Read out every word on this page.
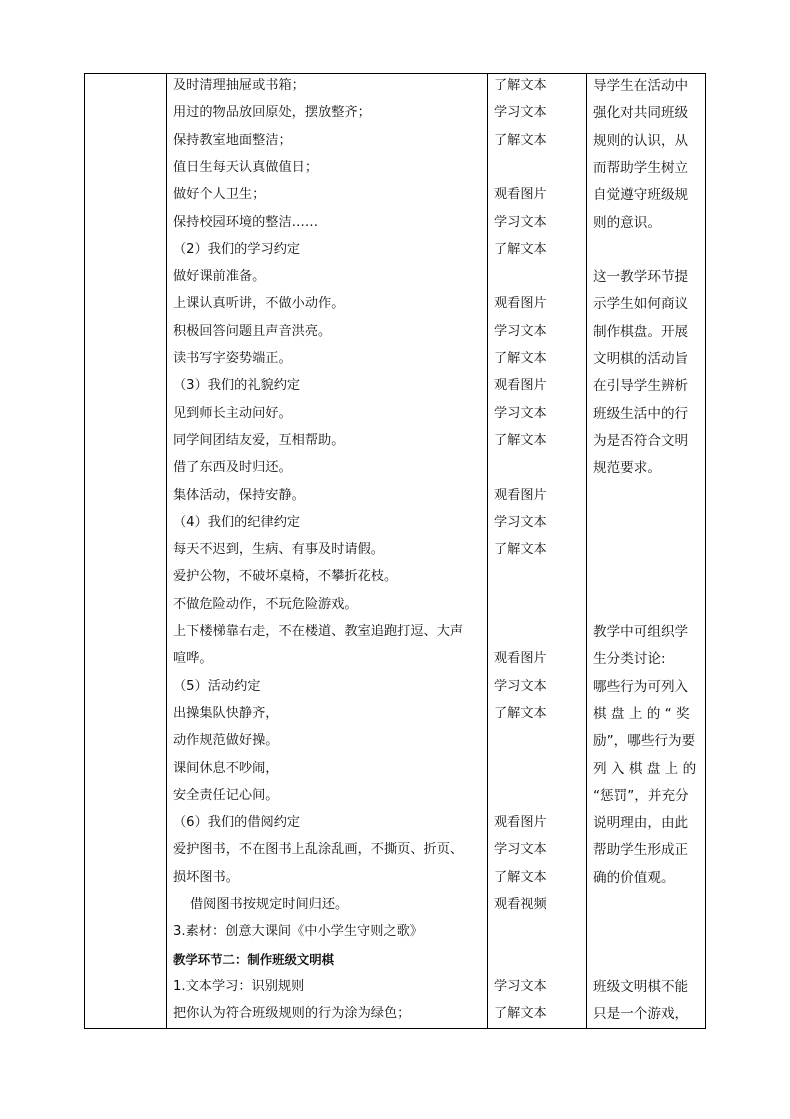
及时清理抽屉或书箱；
用过的物品放回原处，摆放整齐；
保持教室地面整洁；
值日生每天认真做值日；
做好个人卫生；
保持校园环境的整洁……
（2）我们的学习约定
做好课前准备。
上课认真听讲，不做小动作。
积极回答问题且声音洪亮。
读书写字姿势端正。
（3）我们的礼貌约定
见到师长主动问好。
同学间团结友爱，互相帮助。
借了东西及时归还。
集体活动，保持安静。
（4）我们的纪律约定
每天不迟到，生病、有事及时请假。
爱护公物，不破坏桌椅，不攀折花枝。
不做危险动作，不玩危险游戏。
上下楼梯靠右走，不在楼道、教室追跑打逗、大声
喧哗。
（5）活动约定
出操集队快静齐，
动作规范做好操。
课间休息不吵闹，
安全责任记心间。
（6）我们的借阅约定
爱护图书，不在图书上乱涂乱画，不撕页、折页、
损坏图书。
借阅图书按规定时间归还。
3.素材：创意大课间《中小学生守则之歌》
教学环节二：制作班级文明棋
1.文本学习：识别规则
把你认为符合班级规则的行为涂为绿色；
了解文本
学习文本
了解文本
观看图片
学习文本
了解文本
观看图片
学习文本
了解文本
观看图片
学习文本
了解文本
观看图片
学习文本
了解文本
观看图片
学习文本
了解文本
观看图片
学习文本
了解文本
观看视频
学习文本
了解文本
导学生在活动中
强化对共同班级
规则的认识，从
而帮助学生树立
自觉遵守班级规
则的意识。
这一教学环节提
示学生如何商议
制作棋盘。开展
文明棋的活动旨
在引导学生辨析
班级生活中的行
为是否符合文明
规范要求。
教学中可组织学
生分类讨论:
哪些行为可列入
棋 盘 上 的 “ 奖
励”，哪些行为要
列 入 棋 盘 上 的
“惩罚”，并充分
说明理由，由此
帮助学生形成正
确的价值观。
班级文明棋不能
只是一个游戏，
